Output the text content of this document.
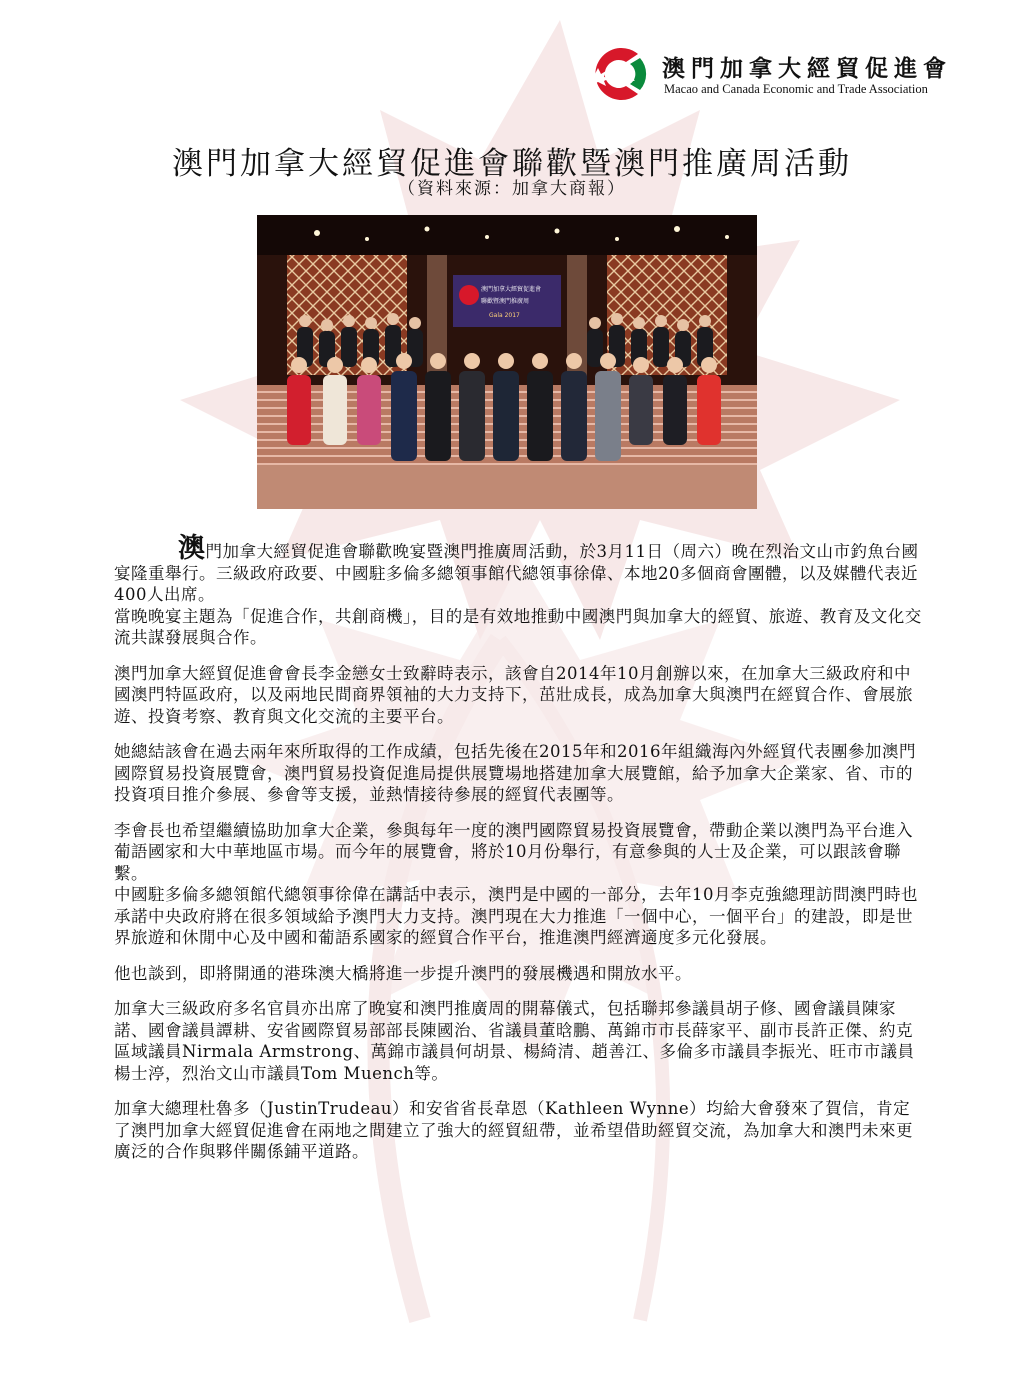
MCETA 澳門加拿大經貿促進會
Macao and Canada Economic and Trade Association
澳門加拿大經貿促進會聯歡暨澳門推廣周活動
（資料來源：加拿大商報）
澳門加拿大經貿促進會
聯歡暨澳門推廣周
Gala 2017

澳門加拿大經貿促進會聯歡晚宴暨澳門推廣周活動，於3月11日（周六）晚在烈治文山市釣魚台國宴隆重舉行。三級政府政要、中國駐多倫多總領事館代總領事徐偉、本地20多個商會團體，以及媒體代表近400人出席。

當晚晚宴主題為「促進合作，共創商機」，目的是有效地推動中國澳門與加拿大的經貿、旅遊、教育及文化交流共謀發展與合作。

澳門加拿大經貿促進會會長李金戀女士致辭時表示，該會自2014年10月創辦以來，在加拿大三級政府和中國澳門特區政府，以及兩地民間商界領袖的大力支持下，茁壯成長，成為加拿大與澳門在經貿合作、會展旅遊、投資考察、教育與文化交流的主要平台。

她總結該會在過去兩年來所取得的工作成績，包括先後在2015年和2016年組織海內外經貿代表團參加澳門國際貿易投資展覽會，澳門貿易投資促進局提供展覽場地搭建加拿大展覽館，給予加拿大企業家、省、市的投資項目推介參展、參會等支援，並熱情接待參展的經貿代表團等。

李會長也希望繼續協助加拿大企業，參與每年一度的澳門國際貿易投資展覽會，帶動企業以澳門為平台進入葡語國家和大中華地區市場。而今年的展覽會，將於10月份舉行，有意參與的人士及企業，可以跟該會聯繫。

中國駐多倫多總領館代總領事徐偉在講話中表示，澳門是中國的一部分，去年10月李克強總理訪問澳門時也承諾中央政府將在很多領域給予澳門大力支持。澳門現在大力推進「一個中心，一個平台」的建設，即是世界旅遊和休閒中心及中國和葡語系國家的經貿合作平台，推進澳門經濟適度多元化發展。

他也談到，即將開通的港珠澳大橋將進一步提升澳門的發展機遇和開放水平。

加拿大三級政府多名官員亦出席了晚宴和澳門推廣周的開幕儀式，包括聯邦參議員胡子修、國會議員陳家諾、國會議員譚耕、安省國際貿易部部長陳國治、省議員董晗鵬、萬錦市市長薛家平、副市長許正傑、約克區域議員Nirmala Armstrong、萬錦市議員何胡景、楊綺清、趙善江、多倫多市議員李振光、旺市市議員楊士渟，烈治文山市議員Tom Muench等。

加拿大總理杜魯多（JustinTrudeau）和安省省長韋恩（Kathleen Wynne）均給大會發來了賀信，肯定了澳門加拿大經貿促進會在兩地之間建立了強大的經貿紐帶，並希望借助經貿交流，為加拿大和澳門未來更廣泛的合作與夥伴關係鋪平道路。
